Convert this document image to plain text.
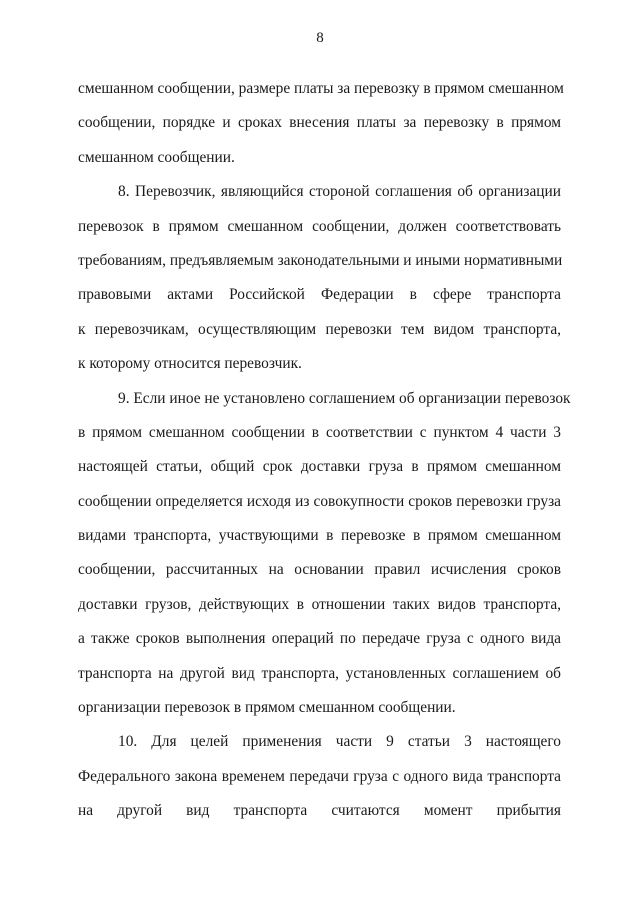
8
смешанном сообщении, размере платы за перевозку в прямом смешанном
сообщении, порядке и сроках внесения платы за перевозку в прямом
смешанном сообщении.
8. Перевозчик, являющийся стороной соглашения об организации
перевозок в прямом смешанном сообщении, должен соответствовать
требованиям, предъявляемым законодательными и иными нормативными
правовыми актами Российской Федерации в сфере транспорта
к перевозчикам, осуществляющим перевозки тем видом транспорта,
к которому относится перевозчик.
9. Если иное не установлено соглашением об организации перевозок
в прямом смешанном сообщении в соответствии с пунктом 4 части 3
настоящей статьи, общий срок доставки груза в прямом смешанном
сообщении определяется исходя из совокупности сроков перевозки груза
видами транспорта, участвующими в перевозке в прямом смешанном
сообщении, рассчитанных на основании правил исчисления сроков
доставки грузов, действующих в отношении таких видов транспорта,
а также сроков выполнения операций по передаче груза с одного вида
транспорта на другой вид транспорта, установленных соглашением об
организации перевозок в прямом смешанном сообщении.
10. Для целей применения части 9 статьи 3 настоящего
Федерального закона временем передачи груза с одного вида транспорта
на другой вид транспорта считаются момент прибытия
